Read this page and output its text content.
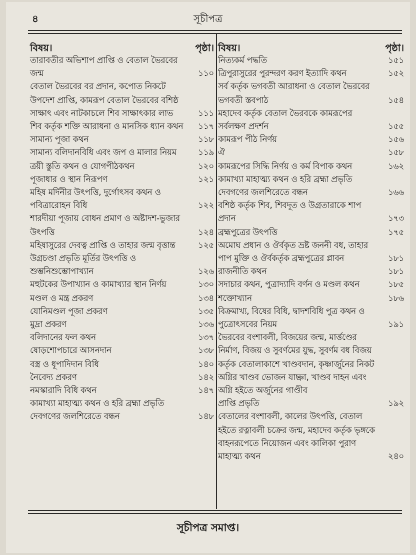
৪	সূচীপত্র
বিষয়।	পৃষ্ঠা।
তারাবতীর অভিশাপ প্রাপ্তি ও বেতাল ভৈরবের জন্ম	১১০
বেতাল ভৈরবের বর প্রদান, কপোত নিকটে উপদেশ প্রাপ্তি, কামরূপ বেতাল ভৈরবের বশিষ্ঠ সাক্ষাৎ এবং নাটকাচলে শিব সাক্ষাৎকার লাভ	১১১
শিব কর্তৃক শক্তি আরাধনা ও মানসিক ধ্যান কথন	১১৭
সামান্য পূজা কথন	১১৮
সামান্য বলিদানবিধি এবং জপ ও মালার নিয়ম	১১৯
ত্রয়ী স্তুতি কথন ও যোগপীঠকথন	১২০
পূজাধার ও স্থান নিরূপণ	১২১
মহিষ মর্দিনীর উৎপত্তি, দুর্গোৎসব কথন ও পবিত্রারোহন বিধি	১২২
শারদীয়া পূজায় বোধন প্রমাণ ও অষ্টাদশ-ভুজার উৎপত্তি	১২৪
মহিষাসুরের দেবত্ব প্রাপ্তি ও তাহার জন্ম বৃত্তান্ত	১২৫
উগ্রচণ্ডা প্রভৃতি মূর্তির উৎপত্তি ও শুম্ভনিশুম্ভোপাখ্যান	১২৬
মহুটকের উপাখ্যান ও কামাখ্যার স্থান নির্ণয়	১৩০
মণ্ডল ও মন্ত্র প্রকরণ	১৩৪
যোনিমণ্ডল পূজা প্রকরণ	১৩৫
মুদ্রা প্রকরণ	১৩৬
বলিদানের ফল কথন	১৩৭
ষোড়শোপচারে আসনদান	১৩৮
বস্ত্র ও ধূপাদিদান বিধি	১৪০
নৈবেদ্য প্রকরণ	১৪২
নমস্কারাদি বিধি কথন	১৪৭
কামাখ্যা মাহাত্ম্য কথন ও হরি ব্রহ্মা প্রভৃতি দেবগণের জলশিরেতে বন্ধন	১৪৮
বিষয়।	পৃষ্ঠা।
নিত্যকর্ম পদ্ধতি	১৫১
ত্রিপুরাসুরের পুরন্দরণ করণ ইত্যাদি কথন	১৫২
সর্ব কর্তৃক ভগবতী আরাধনা ও বেতাল ভৈরবের ভগবতী স্তবপাঠ	১৫৪
মহাদেব কর্তৃক বেতাল ভৈরবকে কামরূপের সর্বলক্ষণ প্রদর্শন	১৫৫
কামরূপ পীঠ নির্ণয়	১৫৬
ঐ	১৫৮
কামরূপের সিদ্ধি নির্ণয় ও কর্ম বিপাক কথন	১৬২
কামাখ্যা মাহাত্ম্য কথন ও হরি ব্রহ্মা প্রভৃতি দেবগণের জলশিরেতে বন্ধন	১৬৬
বশিষ্ঠ কর্তৃক শিব, শিবদূত ও উগ্রতারাকে শাপ প্রদান	১৭৩
ব্রহ্মপুত্রের উৎপত্তি	১৭৫
অমোঘ প্রধান ও ঔর্বকৃত ভ্রষ্ট জননী বধ, তাহার পাপ মুক্তি ও ঔর্বকর্তৃক ব্রহ্মপুত্রের প্লাবন	১৮১
রাজনীতি কথন	১৮১
সদাচার কথন, পুত্রাদ্যাদি বর্ণন ও মণ্ডল কথন	১৮৫
শক্তোখ্যান	১৮৬
বিক্রমাখ্য, বিষের বিধি, দ্বাদশবিধি পুত্র কথন ও পুত্রোৎসবের নিয়ম	১৯১
ভৈরবের বংশাবলী, বিজয়ের জন্ম, মার্ত্তণ্ডের নির্মাণ, বিজয় ও সুবর্ণমের যুদ্ধ, সুবর্ণম বধ বিজয় কর্তৃক বেতালাকাশে খাণ্ডবদান, কৃষ্ণার্জুনের নিকট অগ্নির খাণ্ডব ভোজন যাচ্ঞা, খাণ্ডব দাহন এবং অগ্নি হইতে অর্জুনের গাণ্ডীব
প্রাপ্তি প্রভৃতি	১৯২
বেতালের বংশাবলী, কালের উৎপত্তি, বেতাল হইতে রত্নাবলী চক্রের জন্ম, মহাদেব কর্তৃক ভৃঙ্গকে বাহনরূপেতে নিয়োজন এবং কালিকা পুরাণ মাহাত্ম্য কথন	২৪০
সূচীপত্র সমাপ্ত।
